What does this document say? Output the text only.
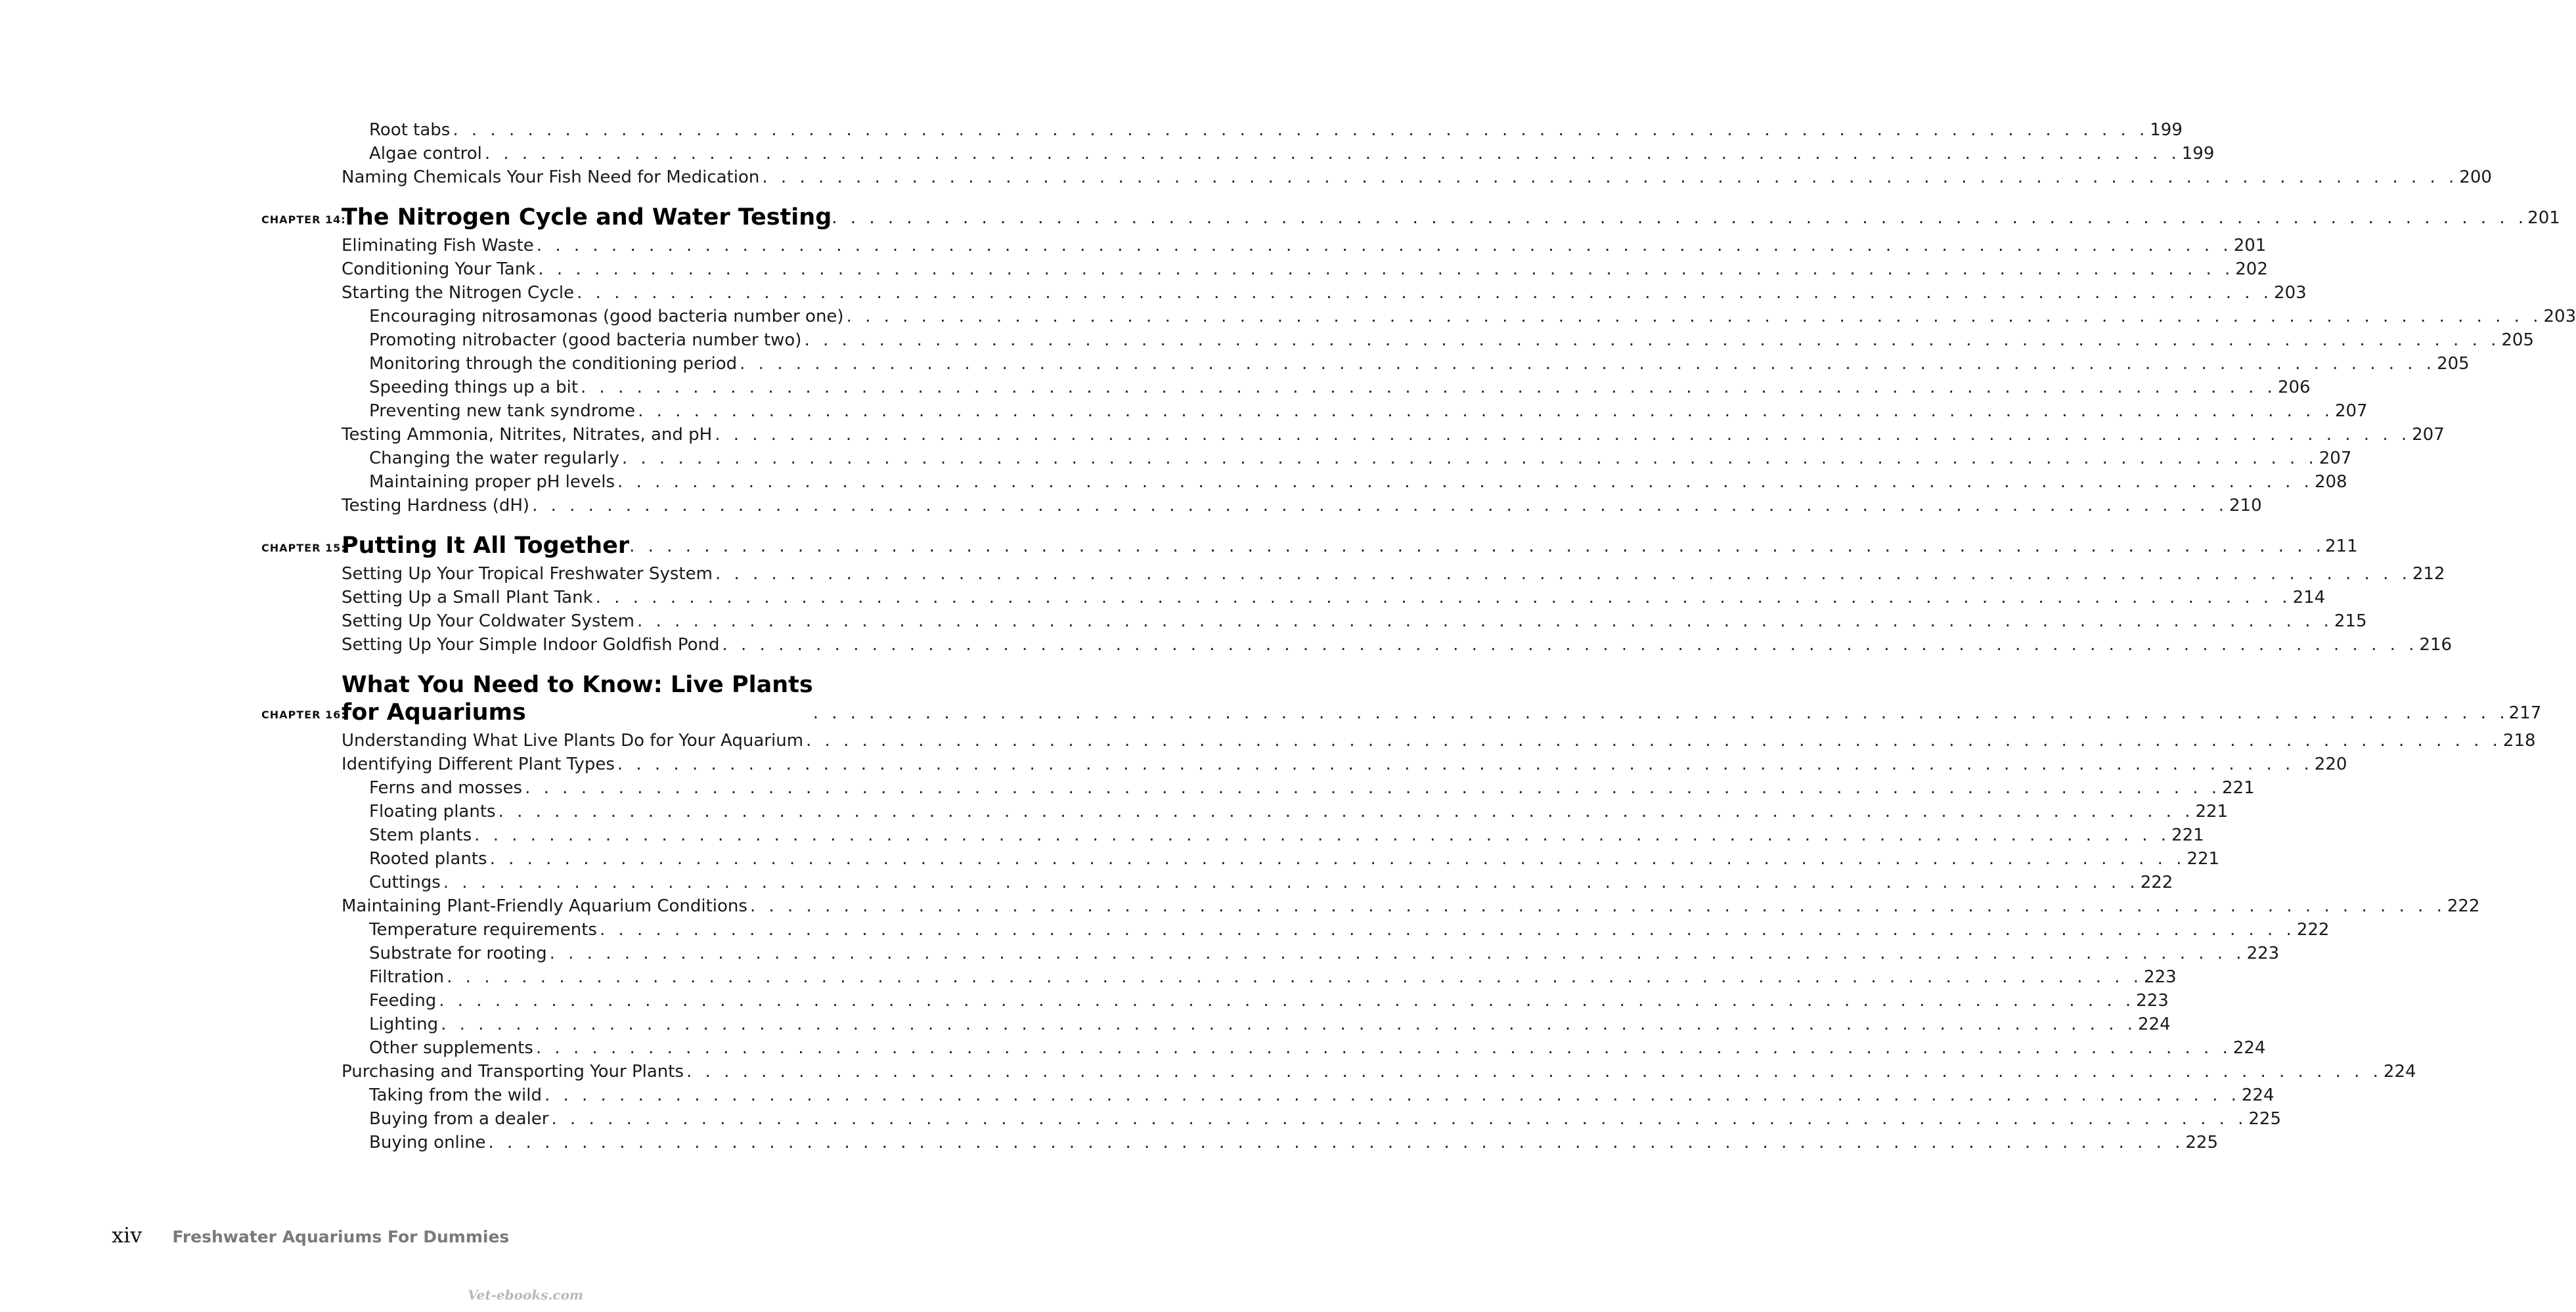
Root tabs . . . . . . . . . . . . . . . . . . . . . . . . . . . . . . . . . . . . . . . . . . . . . . . . . . . . . . . . . . . . . . . . . . . . . . . . . . . . . . . . . . . . . . . . . . . 199
Algae control . . . . . . . . . . . . . . . . . . . . . . . . . . . . . . . . . . . . . . . . . . . . . . . . . . . . . . . . . . . . . . . . . . . . . . . . . . . . . . . . . . . . . . . . . . . 199
Naming Chemicals Your Fish Need for Medication . . . . . . . . . . . . . . . . . . . . . . . . . . . . . . . . . . . . . . . . . . . . . . . . . . . . . . . . . . . . . . . . . . . . . . . . . . . . . . . . . . . . . . . . . . . 200
CHAPTER 14:
The Nitrogen Cycle and Water Testing . . . . . . . . . . . . . . . . . . . . . . . . . . . . . . . . . . . . . . . . . . . . . . . . . . . . . . . . . . . . . . . . . . . . . . . . . . . . . . . . . . . . . . . . . . . 201
Eliminating Fish Waste . . . . . . . . . . . . . . . . . . . . . . . . . . . . . . . . . . . . . . . . . . . . . . . . . . . . . . . . . . . . . . . . . . . . . . . . . . . . . . . . . . . . . . . . . . . 201
Conditioning Your Tank . . . . . . . . . . . . . . . . . . . . . . . . . . . . . . . . . . . . . . . . . . . . . . . . . . . . . . . . . . . . . . . . . . . . . . . . . . . . . . . . . . . . . . . . . . . 202
Starting the Nitrogen Cycle . . . . . . . . . . . . . . . . . . . . . . . . . . . . . . . . . . . . . . . . . . . . . . . . . . . . . . . . . . . . . . . . . . . . . . . . . . . . . . . . . . . . . . . . . . . 203
Encouraging nitrosamonas (good bacteria number one) . . . . . . . . . . . . . . . . . . . . . . . . . . . . . . . . . . . . . . . . . . . . . . . . . . . . . . . . . . . . . . . . . . . . . . . . . . . . . . . . . . . . . . . . . . . 203
Promoting nitrobacter (good bacteria number two) . . . . . . . . . . . . . . . . . . . . . . . . . . . . . . . . . . . . . . . . . . . . . . . . . . . . . . . . . . . . . . . . . . . . . . . . . . . . . . . . . . . . . . . . . . . 205
Monitoring through the conditioning period . . . . . . . . . . . . . . . . . . . . . . . . . . . . . . . . . . . . . . . . . . . . . . . . . . . . . . . . . . . . . . . . . . . . . . . . . . . . . . . . . . . . . . . . . . . 205
Speeding things up a bit . . . . . . . . . . . . . . . . . . . . . . . . . . . . . . . . . . . . . . . . . . . . . . . . . . . . . . . . . . . . . . . . . . . . . . . . . . . . . . . . . . . . . . . . . . . 206
Preventing new tank syndrome . . . . . . . . . . . . . . . . . . . . . . . . . . . . . . . . . . . . . . . . . . . . . . . . . . . . . . . . . . . . . . . . . . . . . . . . . . . . . . . . . . . . . . . . . . . 207
Testing Ammonia, Nitrites, Nitrates, and pH . . . . . . . . . . . . . . . . . . . . . . . . . . . . . . . . . . . . . . . . . . . . . . . . . . . . . . . . . . . . . . . . . . . . . . . . . . . . . . . . . . . . . . . . . . . 207
Changing the water regularly . . . . . . . . . . . . . . . . . . . . . . . . . . . . . . . . . . . . . . . . . . . . . . . . . . . . . . . . . . . . . . . . . . . . . . . . . . . . . . . . . . . . . . . . . . . 207
Maintaining proper pH levels . . . . . . . . . . . . . . . . . . . . . . . . . . . . . . . . . . . . . . . . . . . . . . . . . . . . . . . . . . . . . . . . . . . . . . . . . . . . . . . . . . . . . . . . . . . 208
Testing Hardness (dH) . . . . . . . . . . . . . . . . . . . . . . . . . . . . . . . . . . . . . . . . . . . . . . . . . . . . . . . . . . . . . . . . . . . . . . . . . . . . . . . . . . . . . . . . . . . 210
CHAPTER 15:
Putting It All Together . . . . . . . . . . . . . . . . . . . . . . . . . . . . . . . . . . . . . . . . . . . . . . . . . . . . . . . . . . . . . . . . . . . . . . . . . . . . . . . . . . . . . . . . . . . 211
Setting Up Your Tropical Freshwater System . . . . . . . . . . . . . . . . . . . . . . . . . . . . . . . . . . . . . . . . . . . . . . . . . . . . . . . . . . . . . . . . . . . . . . . . . . . . . . . . . . . . . . . . . . . 212
Setting Up a Small Plant Tank . . . . . . . . . . . . . . . . . . . . . . . . . . . . . . . . . . . . . . . . . . . . . . . . . . . . . . . . . . . . . . . . . . . . . . . . . . . . . . . . . . . . . . . . . . . 214
Setting Up Your Coldwater System . . . . . . . . . . . . . . . . . . . . . . . . . . . . . . . . . . . . . . . . . . . . . . . . . . . . . . . . . . . . . . . . . . . . . . . . . . . . . . . . . . . . . . . . . . . 215
Setting Up Your Simple Indoor Goldfish Pond . . . . . . . . . . . . . . . . . . . . . . . . . . . . . . . . . . . . . . . . . . . . . . . . . . . . . . . . . . . . . . . . . . . . . . . . . . . . . . . . . . . . . . . . . . . 216
CHAPTER 16:
What You Need to Know: Live Plants
for Aquariums	. . . . . . . . . . . . . . . . . . . . . . . . . . . . . . . . . . . . . . . . . . . . . . . . . . . . . . . . . . . . . . . . . . . . . . . . . . . . . . . . . . . . . . . . . . . 217
Understanding What Live Plants Do for Your Aquarium . . . . . . . . . . . . . . . . . . . . . . . . . . . . . . . . . . . . . . . . . . . . . . . . . . . . . . . . . . . . . . . . . . . . . . . . . . . . . . . . . . . . . . . . . . . 218
Identifying Different Plant Types . . . . . . . . . . . . . . . . . . . . . . . . . . . . . . . . . . . . . . . . . . . . . . . . . . . . . . . . . . . . . . . . . . . . . . . . . . . . . . . . . . . . . . . . . . . 220
Ferns and mosses . . . . . . . . . . . . . . . . . . . . . . . . . . . . . . . . . . . . . . . . . . . . . . . . . . . . . . . . . . . . . . . . . . . . . . . . . . . . . . . . . . . . . . . . . . . 221
Floating plants . . . . . . . . . . . . . . . . . . . . . . . . . . . . . . . . . . . . . . . . . . . . . . . . . . . . . . . . . . . . . . . . . . . . . . . . . . . . . . . . . . . . . . . . . . . 221
Stem plants . . . . . . . . . . . . . . . . . . . . . . . . . . . . . . . . . . . . . . . . . . . . . . . . . . . . . . . . . . . . . . . . . . . . . . . . . . . . . . . . . . . . . . . . . . . 221
Rooted plants . . . . . . . . . . . . . . . . . . . . . . . . . . . . . . . . . . . . . . . . . . . . . . . . . . . . . . . . . . . . . . . . . . . . . . . . . . . . . . . . . . . . . . . . . . . 221
Cuttings . . . . . . . . . . . . . . . . . . . . . . . . . . . . . . . . . . . . . . . . . . . . . . . . . . . . . . . . . . . . . . . . . . . . . . . . . . . . . . . . . . . . . . . . . . . 222
Maintaining Plant-Friendly Aquarium Conditions . . . . . . . . . . . . . . . . . . . . . . . . . . . . . . . . . . . . . . . . . . . . . . . . . . . . . . . . . . . . . . . . . . . . . . . . . . . . . . . . . . . . . . . . . . . 222
Temperature requirements . . . . . . . . . . . . . . . . . . . . . . . . . . . . . . . . . . . . . . . . . . . . . . . . . . . . . . . . . . . . . . . . . . . . . . . . . . . . . . . . . . . . . . . . . . . 222
Substrate for rooting . . . . . . . . . . . . . . . . . . . . . . . . . . . . . . . . . . . . . . . . . . . . . . . . . . . . . . . . . . . . . . . . . . . . . . . . . . . . . . . . . . . . . . . . . . . 223
Filtration . . . . . . . . . . . . . . . . . . . . . . . . . . . . . . . . . . . . . . . . . . . . . . . . . . . . . . . . . . . . . . . . . . . . . . . . . . . . . . . . . . . . . . . . . . . 223
Feeding . . . . . . . . . . . . . . . . . . . . . . . . . . . . . . . . . . . . . . . . . . . . . . . . . . . . . . . . . . . . . . . . . . . . . . . . . . . . . . . . . . . . . . . . . . . 223
Lighting . . . . . . . . . . . . . . . . . . . . . . . . . . . . . . . . . . . . . . . . . . . . . . . . . . . . . . . . . . . . . . . . . . . . . . . . . . . . . . . . . . . . . . . . . . . 224
Other supplements . . . . . . . . . . . . . . . . . . . . . . . . . . . . . . . . . . . . . . . . . . . . . . . . . . . . . . . . . . . . . . . . . . . . . . . . . . . . . . . . . . . . . . . . . . . 224
Purchasing and Transporting Your Plants . . . . . . . . . . . . . . . . . . . . . . . . . . . . . . . . . . . . . . . . . . . . . . . . . . . . . . . . . . . . . . . . . . . . . . . . . . . . . . . . . . . . . . . . . . . 224
Taking from the wild . . . . . . . . . . . . . . . . . . . . . . . . . . . . . . . . . . . . . . . . . . . . . . . . . . . . . . . . . . . . . . . . . . . . . . . . . . . . . . . . . . . . . . . . . . . 224
Buying from a dealer . . . . . . . . . . . . . . . . . . . . . . . . . . . . . . . . . . . . . . . . . . . . . . . . . . . . . . . . . . . . . . . . . . . . . . . . . . . . . . . . . . . . . . . . . . . 225
Buying online . . . . . . . . . . . . . . . . . . . . . . . . . . . . . . . . . . . . . . . . . . . . . . . . . . . . . . . . . . . . . . . . . . . . . . . . . . . . . . . . . . . . . . . . . . . 225
xiv Freshwater Aquariums For Dummies
Vet-ebooks.com
